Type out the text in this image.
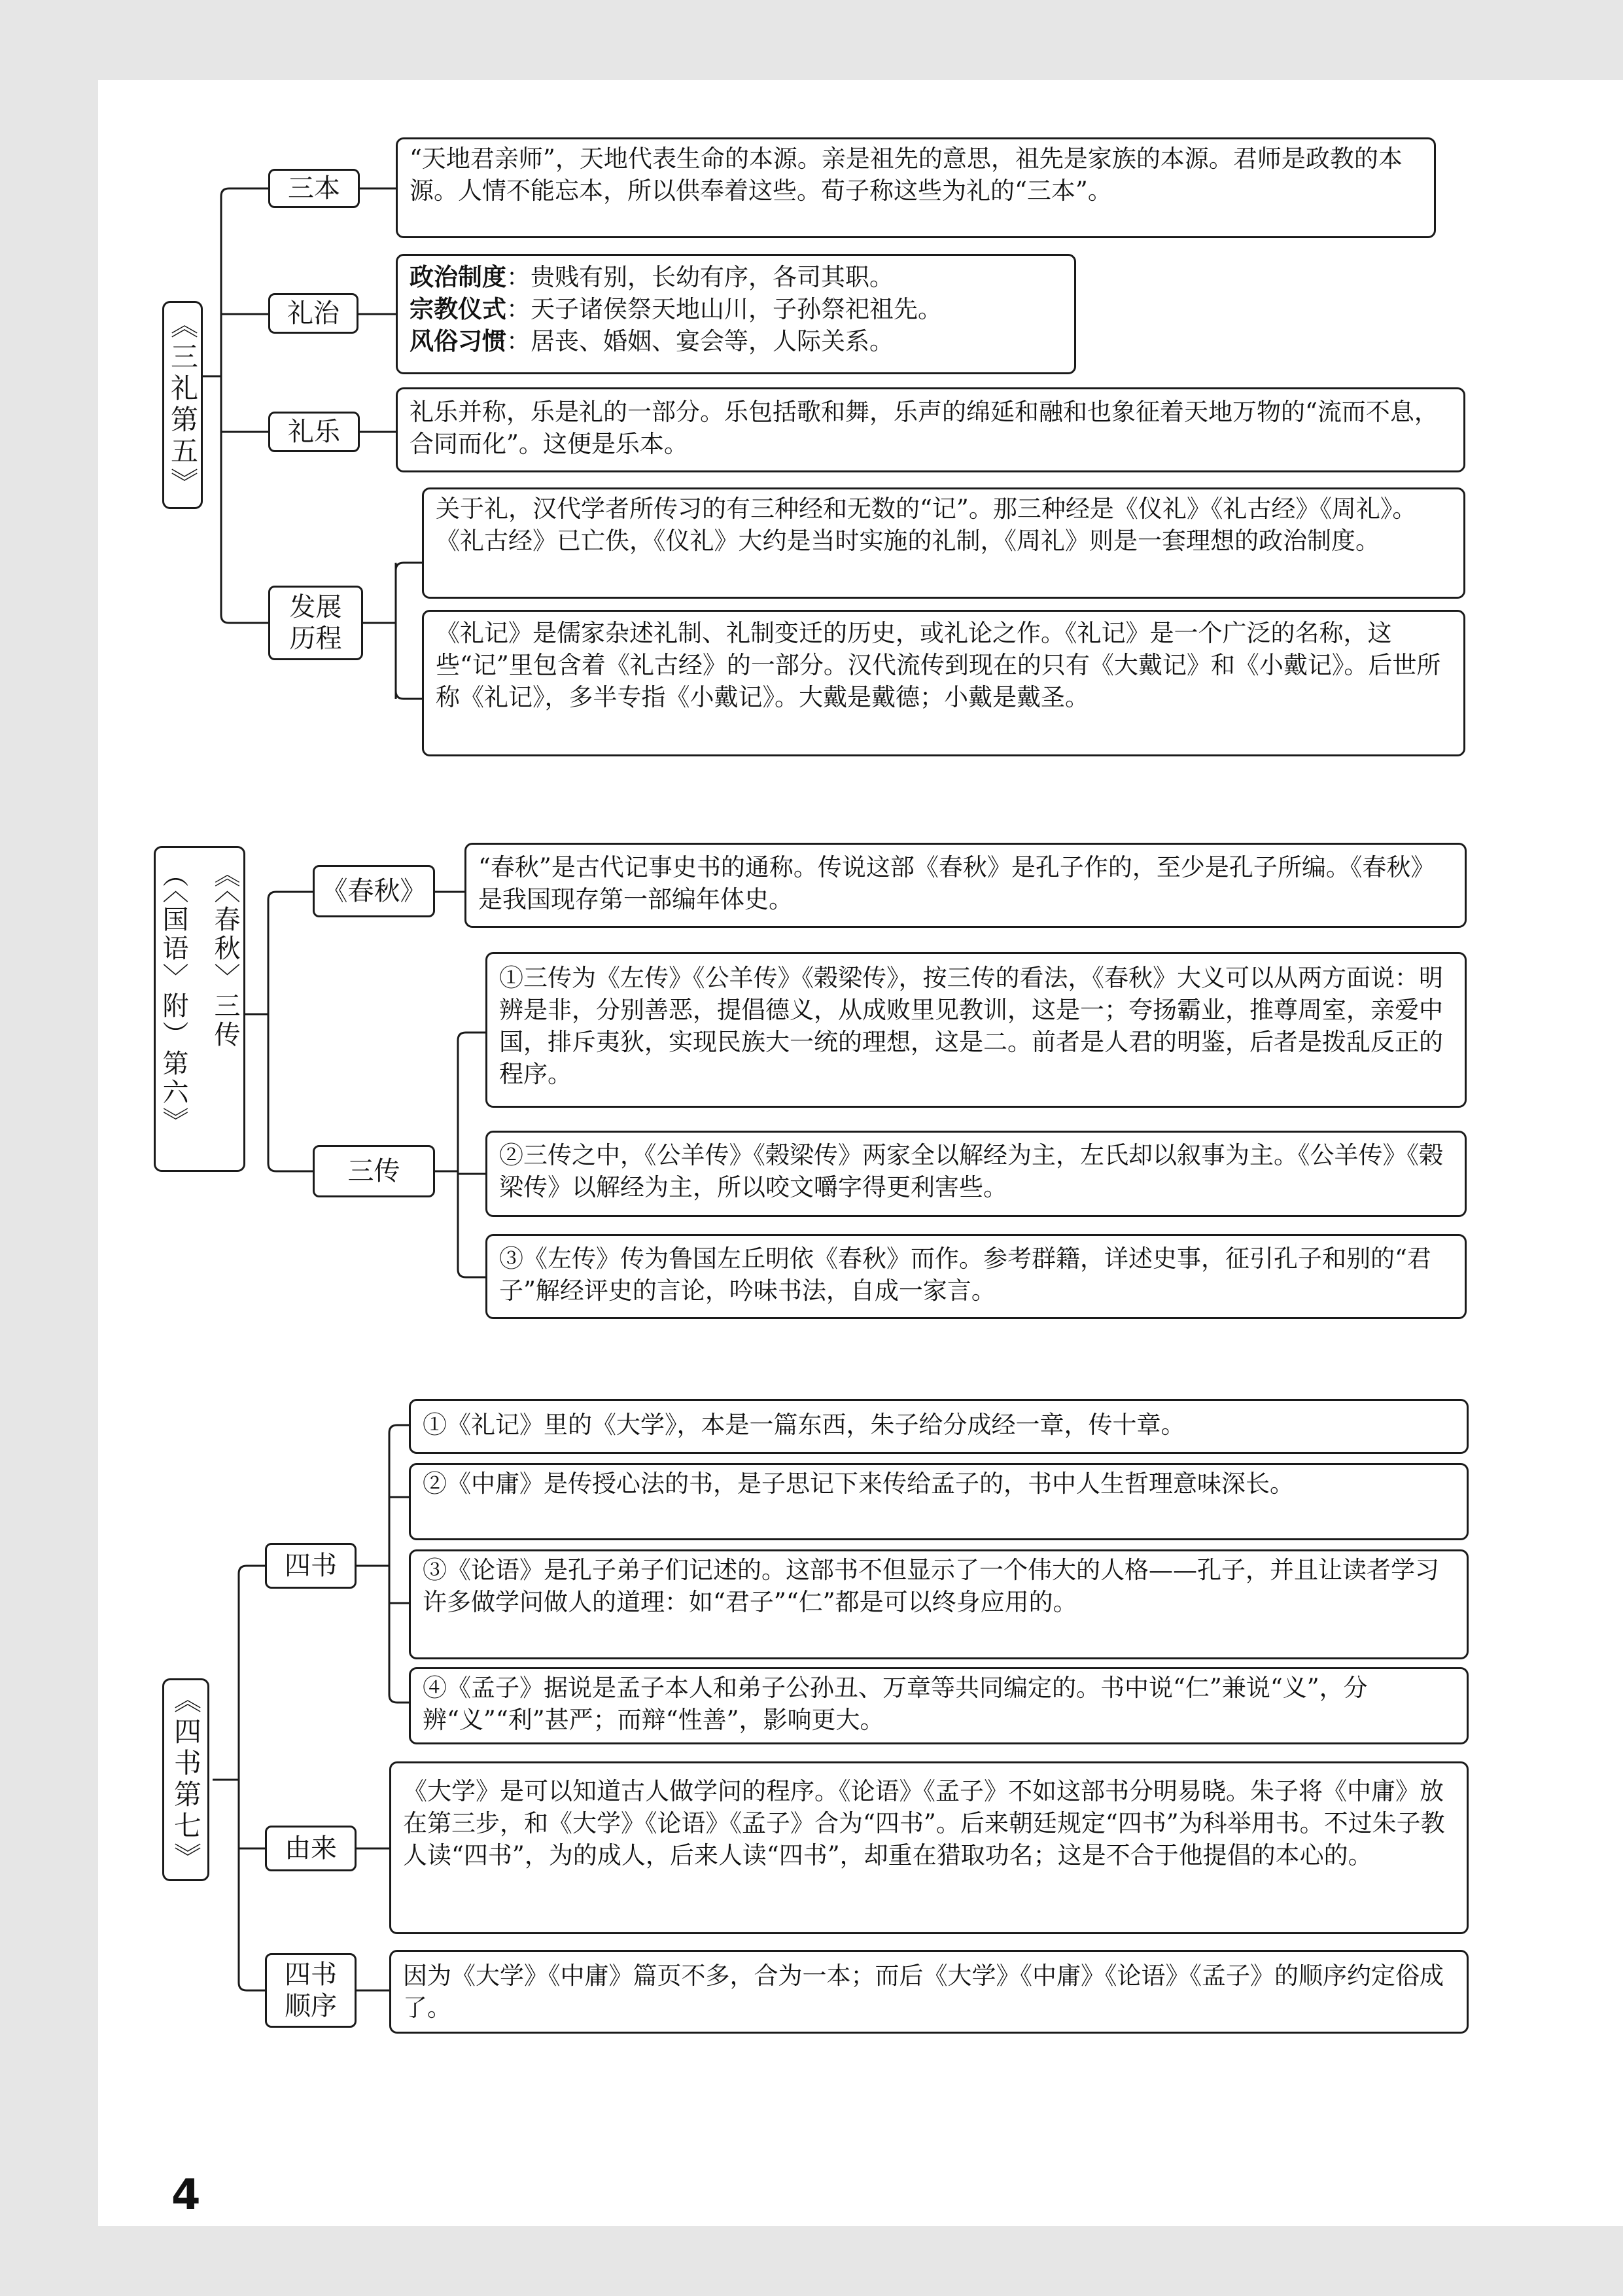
《三礼第五》
三本

“天地君亲师”，天地代表生命的本源。亲是祖先的意思，祖先是家族的本源。君师是政教的本源。人情不能忘本，所以供奉着这些。荀子称这些为礼的“三本”。

礼治

政治制度：贵贱有别，长幼有序，各司其职。

宗教仪式：天子诸侯祭天地山川，子孙祭祀祖先。

风俗习惯：居丧、婚姻、宴会等，人际关系。

礼乐

礼乐并称，乐是礼的一部分。乐包括歌和舞，乐声的绵延和融和也象征着天地万物的“流而不息，合同而化”。这便是乐本。

发展
历程

关于礼，汉代学者所传习的有三种经和无数的“记”。那三种经是《仪礼》《礼古经》《周礼》。《礼古经》已亡佚，《仪礼》大约是当时实施的礼制，《周礼》则是一套理想的政治制度。

《礼记》是儒家杂述礼制、礼制变迁的历史，或礼论之作。《礼记》是一个广泛的名称，这些“记”里包含着《礼古经》的一部分。汉代流传到现在的只有《大戴记》和《小戴记》。后世所称《礼记》，多半专指《小戴记》。大戴是戴德；小戴是戴圣。

《〈春秋〉三传
（〈国语〉附）第六》	《春秋》

“春秋”是古代记事史书的通称。传说这部《春秋》是孔子作的，至少是孔子所编。《春秋》是我国现存第一部编年体史。

三传

①三传为《左传》《公羊传》《榖梁传》，按三传的看法，《春秋》大义可以从两方面说：明辨是非，分别善恶，提倡德义，从成败里见教训，这是一；夸扬霸业，推尊周室，亲爱中国，排斥夷狄，实现民族大一统的理想，这是二。前者是人君的明鉴，后者是拨乱反正的程序。

②三传之中，《公羊传》《榖梁传》两家全以解经为主，左氏却以叙事为主。《公羊传》《榖梁传》以解经为主，所以咬文嚼字得更利害些。

③《左传》传为鲁国左丘明依《春秋》而作。参考群籍，详述史事，征引孔子和别的“君子”解经评史的言论，吟味书法，自成一家言。

《四书第七》
四书

①《礼记》里的《大学》，本是一篇东西，朱子给分成经一章，传十章。

②《中庸》是传授心法的书，是子思记下来传给孟子的，书中人生哲理意味深长。

③《论语》是孔子弟子们记述的。这部书不但显示了一个伟大的人格——孔子，并且让读者学习许多做学问做人的道理：如“君子”“仁”都是可以终身应用的。

④《孟子》据说是孟子本人和弟子公孙丑、万章等共同编定的。书中说“仁”兼说“义”，分辨“义”“利”甚严；而辩“性善”，影响更大。

由来

《大学》是可以知道古人做学问的程序。《论语》《孟子》不如这部书分明易晓。朱子将《中庸》放在第三步，和《大学》《论语》《孟子》合为“四书”。后来朝廷规定“四书”为科举用书。不过朱子教人读“四书”，为的成人，后来人读“四书”，却重在猎取功名；这是不合于他提倡的本心的。

四书
顺序

因为《大学》《中庸》篇页不多，合为一本；而后《大学》《中庸》《论语》《孟子》的顺序约定俗成了。

4
